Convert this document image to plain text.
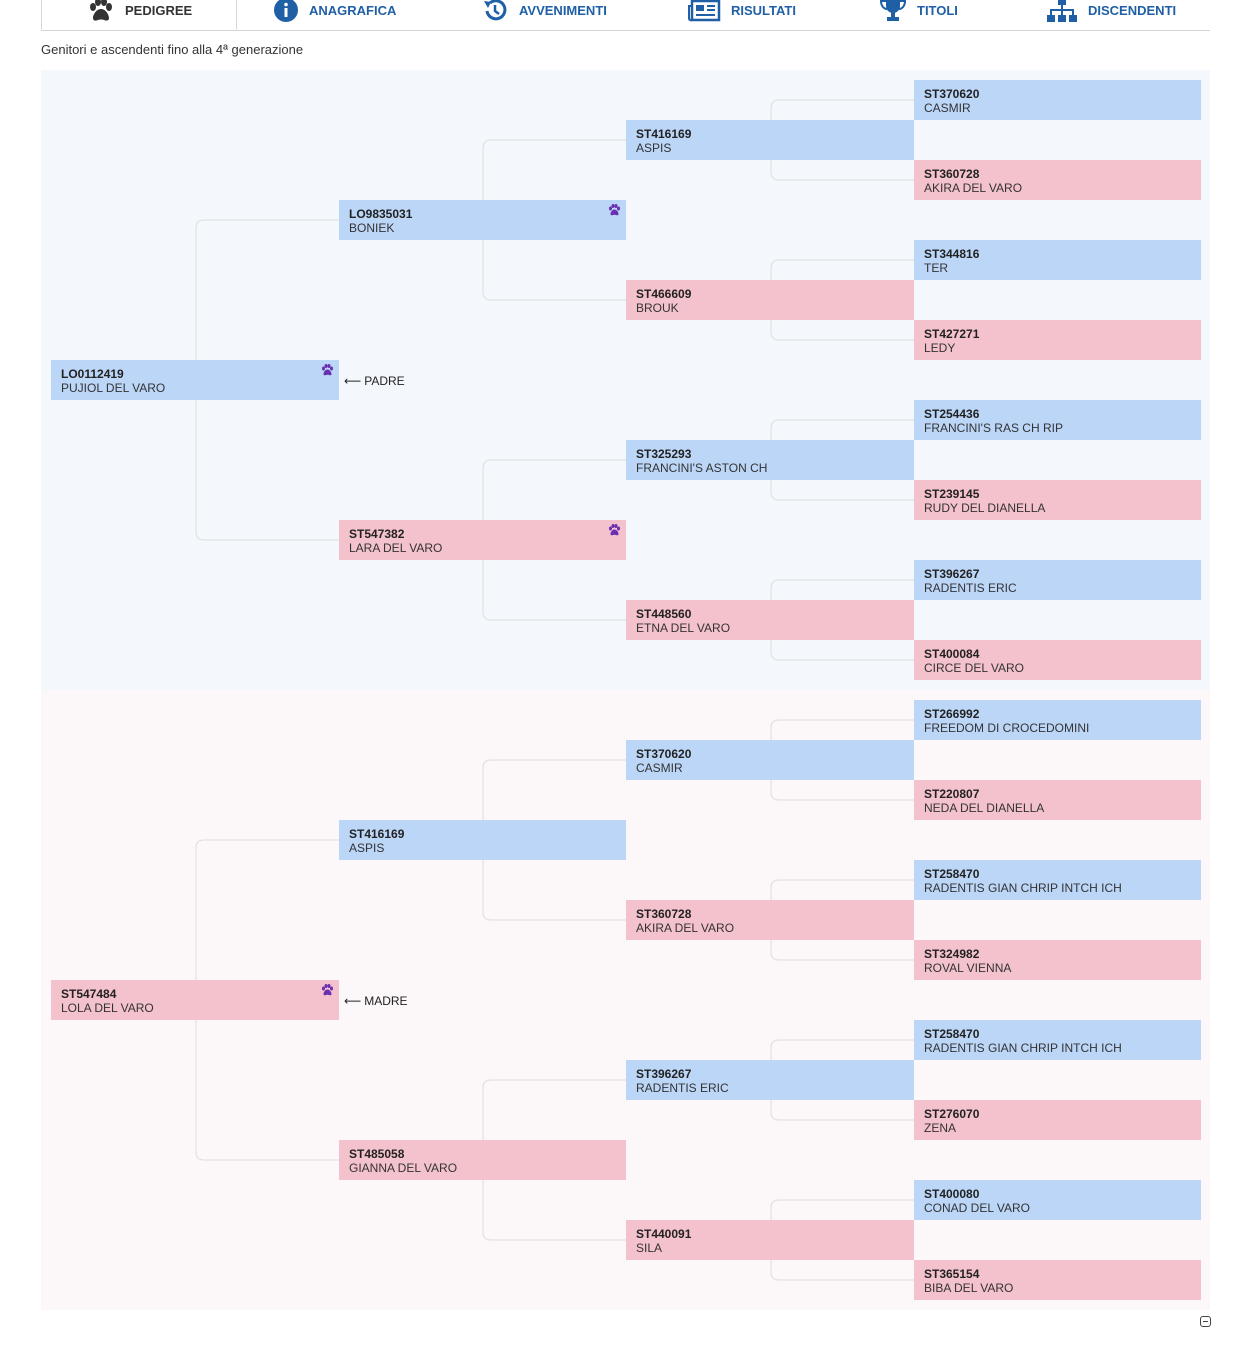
PEDIGREE	ANAGRAFICA	AVVENIMENTI	RISULTATI	TITOLI	DISCENDENTI
Genitori e ascendenti fino alla 4ª generazione
LO0112419
PUJIOL DEL VARO
LO9835031
BONIEK
ST547382
LARA DEL VARO
ST416169
ASPIS
ST466609
BROUK
ST325293
FRANCINI'S ASTON CH
ST448560
ETNA DEL VARO
ST370620
CASMIR
ST360728
AKIRA DEL VARO
ST344816
TER
ST427271
LEDY
ST254436
FRANCINI'S RAS CH RIP
ST239145
RUDY DEL DIANELLA
ST396267
RADENTIS ERIC
ST400084
CIRCE DEL VARO
ST547484
LOLA DEL VARO
ST416169
ASPIS
ST485058
GIANNA DEL VARO
ST370620
CASMIR
ST360728
AKIRA DEL VARO
ST396267
RADENTIS ERIC
ST440091
SILA
ST266992
FREEDOM DI CROCEDOMINI
ST220807
NEDA DEL DIANELLA
ST258470
RADENTIS GIAN CHRIP INTCH ICH
ST324982
ROVAL VIENNA
ST258470
RADENTIS GIAN CHRIP INTCH ICH
ST276070
ZENA
ST400080
CONAD DEL VARO
ST365154
BIBA DEL VARO
⟵ PADRE
⟵ MADRE
